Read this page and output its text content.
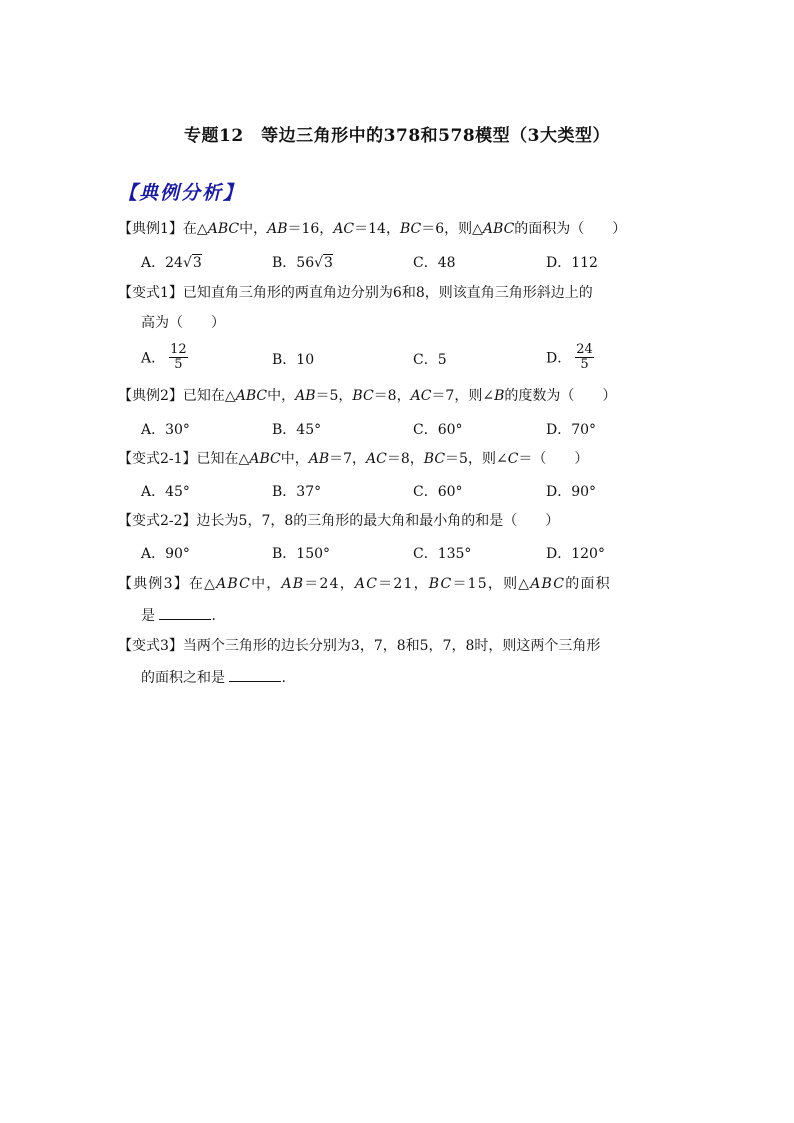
专题12　等边三角形中的378和578模型（3大类型）
【典例分析】
【典例1】在△ABC中，AB＝16，AC＝14，BC＝6，则△ABC的面积为（　　）
A．24√3	B．56√3	C．48	D．112
【变式1】已知直角三角形的两直角边分别为6和8，则该直角三角形斜边上的
高为（　　）
A． $\frac{12}{5}$	B．10	C．5	D． $\frac{24}{5}$
【典例2】已知在△ABC中，AB＝5，BC＝8，AC＝7，则∠B的度数为（　　）
A．30°	B．45°	C．60°	D．70°
【变式2-1】已知在△ABC中，AB＝7，AC＝8，BC＝5，则∠C＝（　　）
A．45°	B．37°	C．60°	D．90°
【变式2-2】边长为5，7，8的三角形的最大角和最小角的和是（　　）
A．90°	B．150°	C．135°	D．120°
【典例3】在△ABC中，AB＝24，AC＝21，BC＝15，则△ABC的面积
是	.
【变式3】当两个三角形的边长分别为3，7，8和5，7，8时，则这两个三角形
的面积之和是	.
